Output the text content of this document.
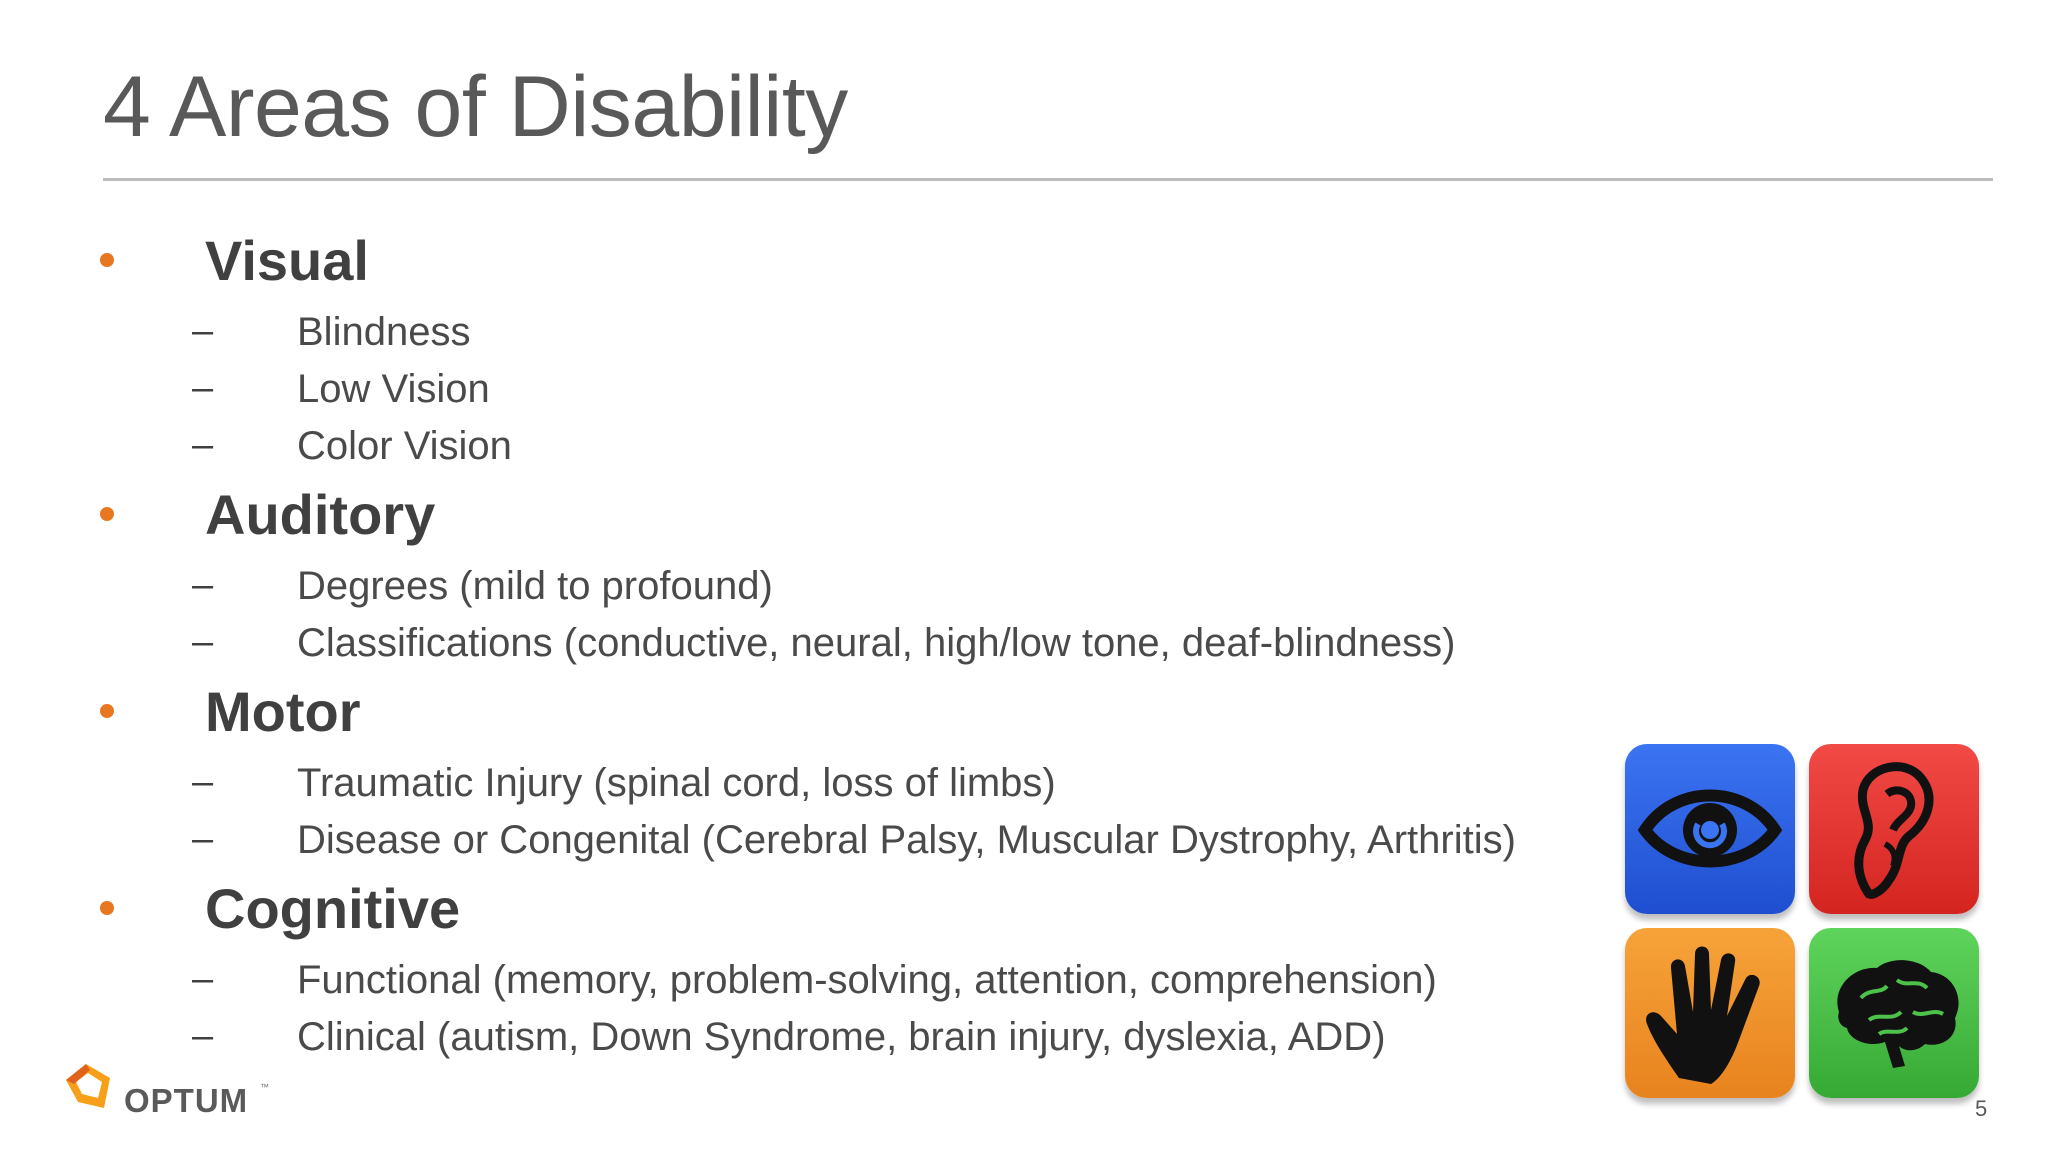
4 Areas of Disability
Visual
– Blindness
– Low Vision
– Color Vision
Auditory
– Degrees (mild to profound)
– Classifications (conductive, neural, high/low tone, deaf-blindness)
Motor
– Traumatic Injury (spinal cord, loss of limbs)
– Disease or Congenital (Cerebral Palsy, Muscular Dystrophy, Arthritis)
Cognitive
– Functional (memory, problem-solving, attention, comprehension)
– Clinical (autism, Down Syndrome, brain injury, dyslexia, ADD)
OPTUM ™
5
